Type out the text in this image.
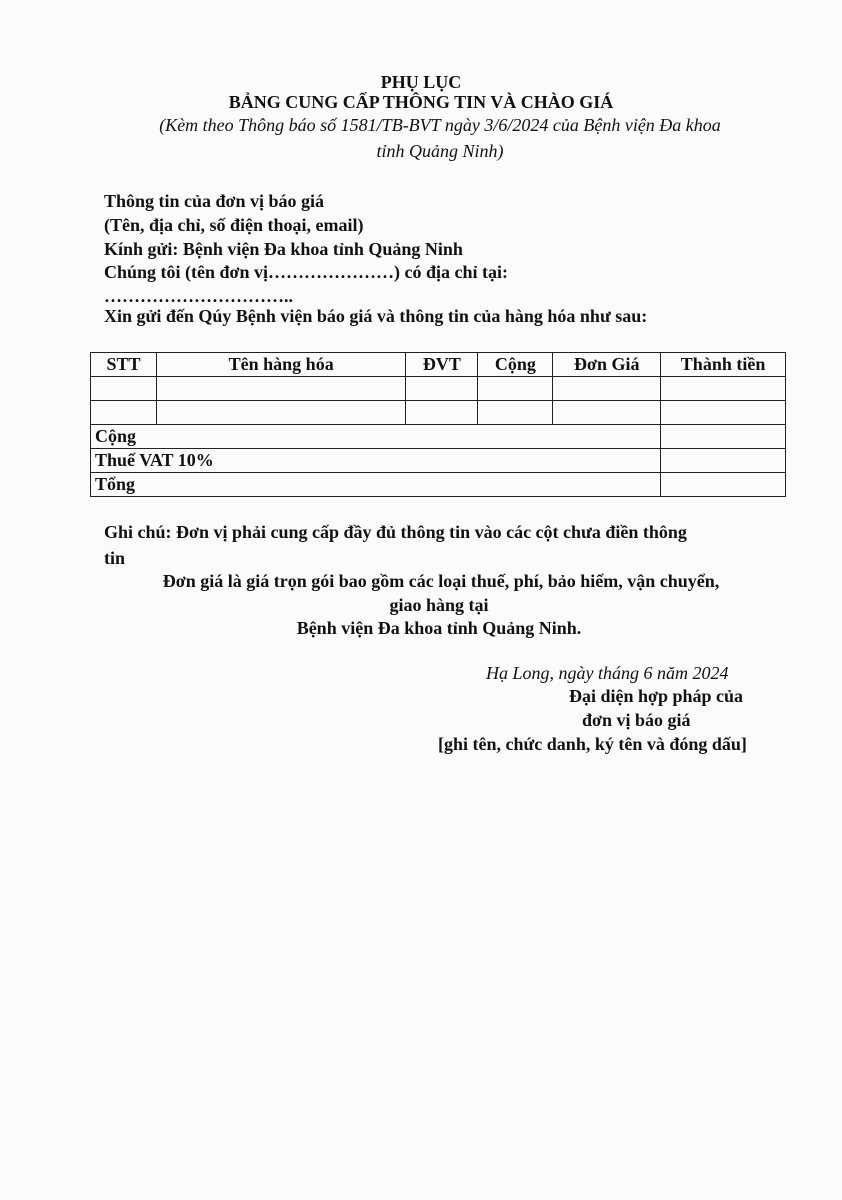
PHỤ LỤC
BẢNG CUNG CẤP THÔNG TIN VÀ CHÀO GIÁ
(Kèm theo Thông báo số 1581/TB-BVT ngày 3/6/2024 của Bệnh viện Đa khoa
tỉnh Quảng Ninh)
Thông tin của đơn vị báo giá
(Tên, địa chỉ, số điện thoại, email)
Kính gửi: Bệnh viện Đa khoa tỉnh Quảng Ninh
Chúng tôi (tên đơn vị…………………) có địa chỉ tại:
…………………………..
Xin gửi đến Qúy Bệnh viện báo giá và thông tin của hàng hóa như sau:
STT	Tên hàng hóa	ĐVT	Cộng	Đơn Giá	Thành tiền

Cộng					
Thuế VAT 10%					
Tổng					
Ghi chú: Đơn vị phải cung cấp đầy đủ thông tin vào các cột chưa điền thông
tin
Đơn giá là giá trọn gói bao gồm các loại thuế, phí, bảo hiểm, vận chuyển,
giao hàng tại
Bệnh viện Đa khoa tỉnh Quảng Ninh.
Hạ Long, ngày tháng 6 năm 2024
Đại diện hợp pháp của
đơn vị báo giá
[ghi tên, chức danh, ký tên và đóng dấu]
